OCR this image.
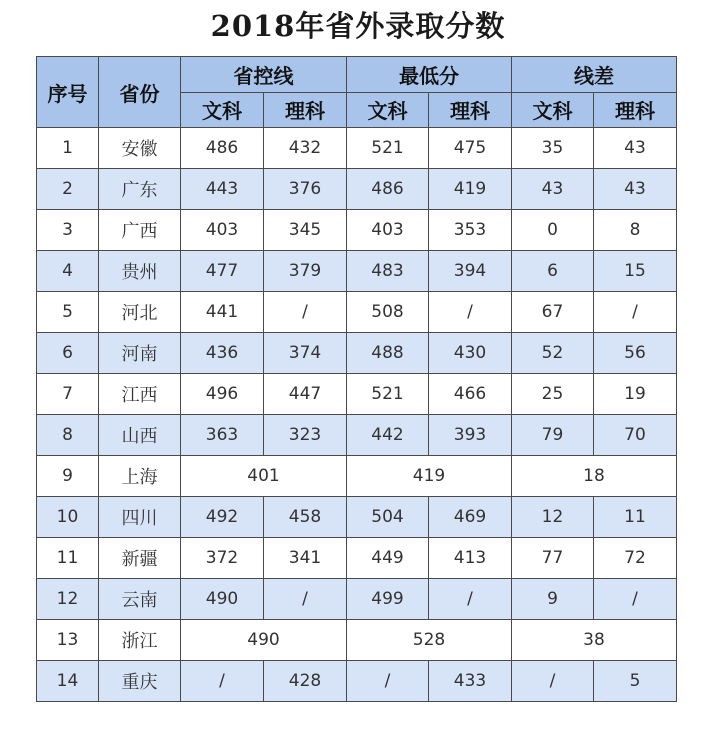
2018年省外录取分数
序号	省份	省控线		最低分		线差	
		文科	理科	文科	理科	文科	理科
1	安徽	486	432	521	475	35	43
2	广东	443	376	486	419	43	43
3	广西	403	345	403	353	0	8
4	贵州	477	379	483	394	6	15
5	河北	441	/	508	/	67	/
6	河南	436	374	488	430	52	56
7	江西	496	447	521	466	25	19
8	山西	363	323	442	393	79	70
9	上海	401		419		18	
10	四川	492	458	504	469	12	11
11	新疆	372	341	449	413	77	72
12	云南	490	/	499	/	9	/
13	浙江	490		528		38	
14	重庆	/	428	/	433	/	5
